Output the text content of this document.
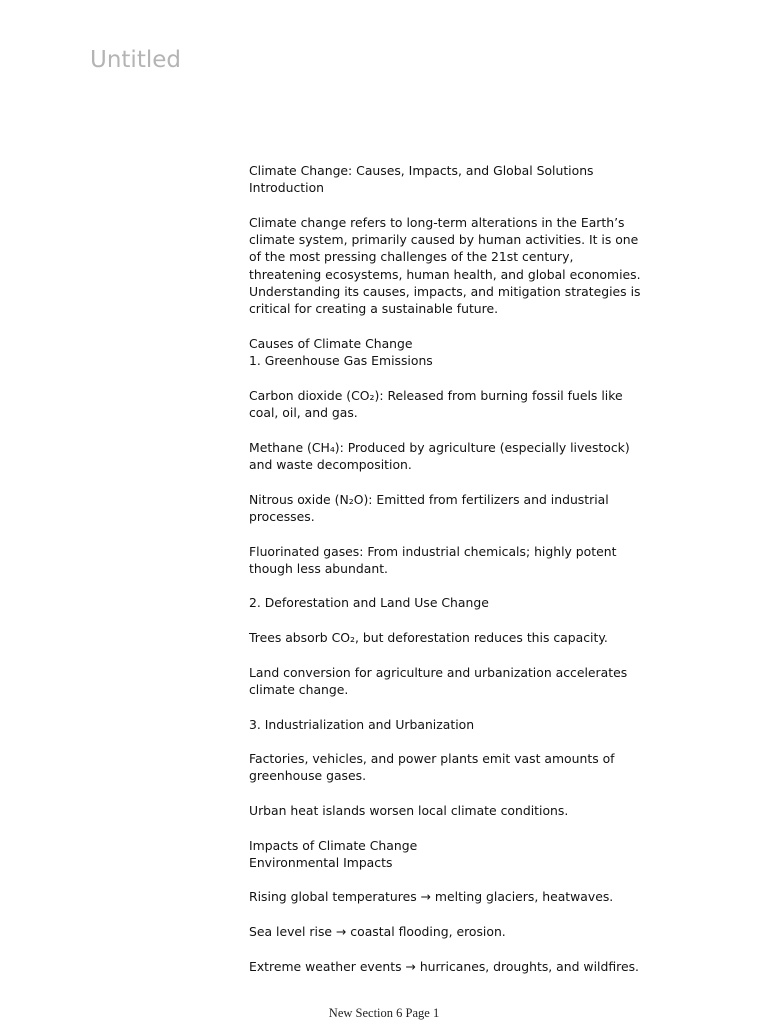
Untitled

Climate Change: Causes, Impacts, and Global Solutions

Introduction

Climate change refers to long-term alterations in the Earth’s climate system, primarily caused by human activities. It is one of the most pressing challenges of the 21st century, threatening ecosystems, human health, and global economies. Understanding its causes, impacts, and mitigation strategies is critical for creating a sustainable future.

Causes of Climate Change

1. Greenhouse Gas Emissions

Carbon dioxide (CO₂): Released from burning fossil fuels like coal, oil, and gas.

Methane (CH₄): Produced by agriculture (especially livestock) and waste decomposition.

Nitrous oxide (N₂O): Emitted from fertilizers and industrial processes.

Fluorinated gases: From industrial chemicals; highly potent though less abundant.

2. Deforestation and Land Use Change

Trees absorb CO₂, but deforestation reduces this capacity.

Land conversion for agriculture and urbanization accelerates climate change.

3. Industrialization and Urbanization

Factories, vehicles, and power plants emit vast amounts of greenhouse gases.

Urban heat islands worsen local climate conditions.

Impacts of Climate Change

Environmental Impacts

Rising global temperatures → melting glaciers, heatwaves.

Sea level rise → coastal flooding, erosion.

Extreme weather events → hurricanes, droughts, and wildfires.

New Section 6 Page 1
